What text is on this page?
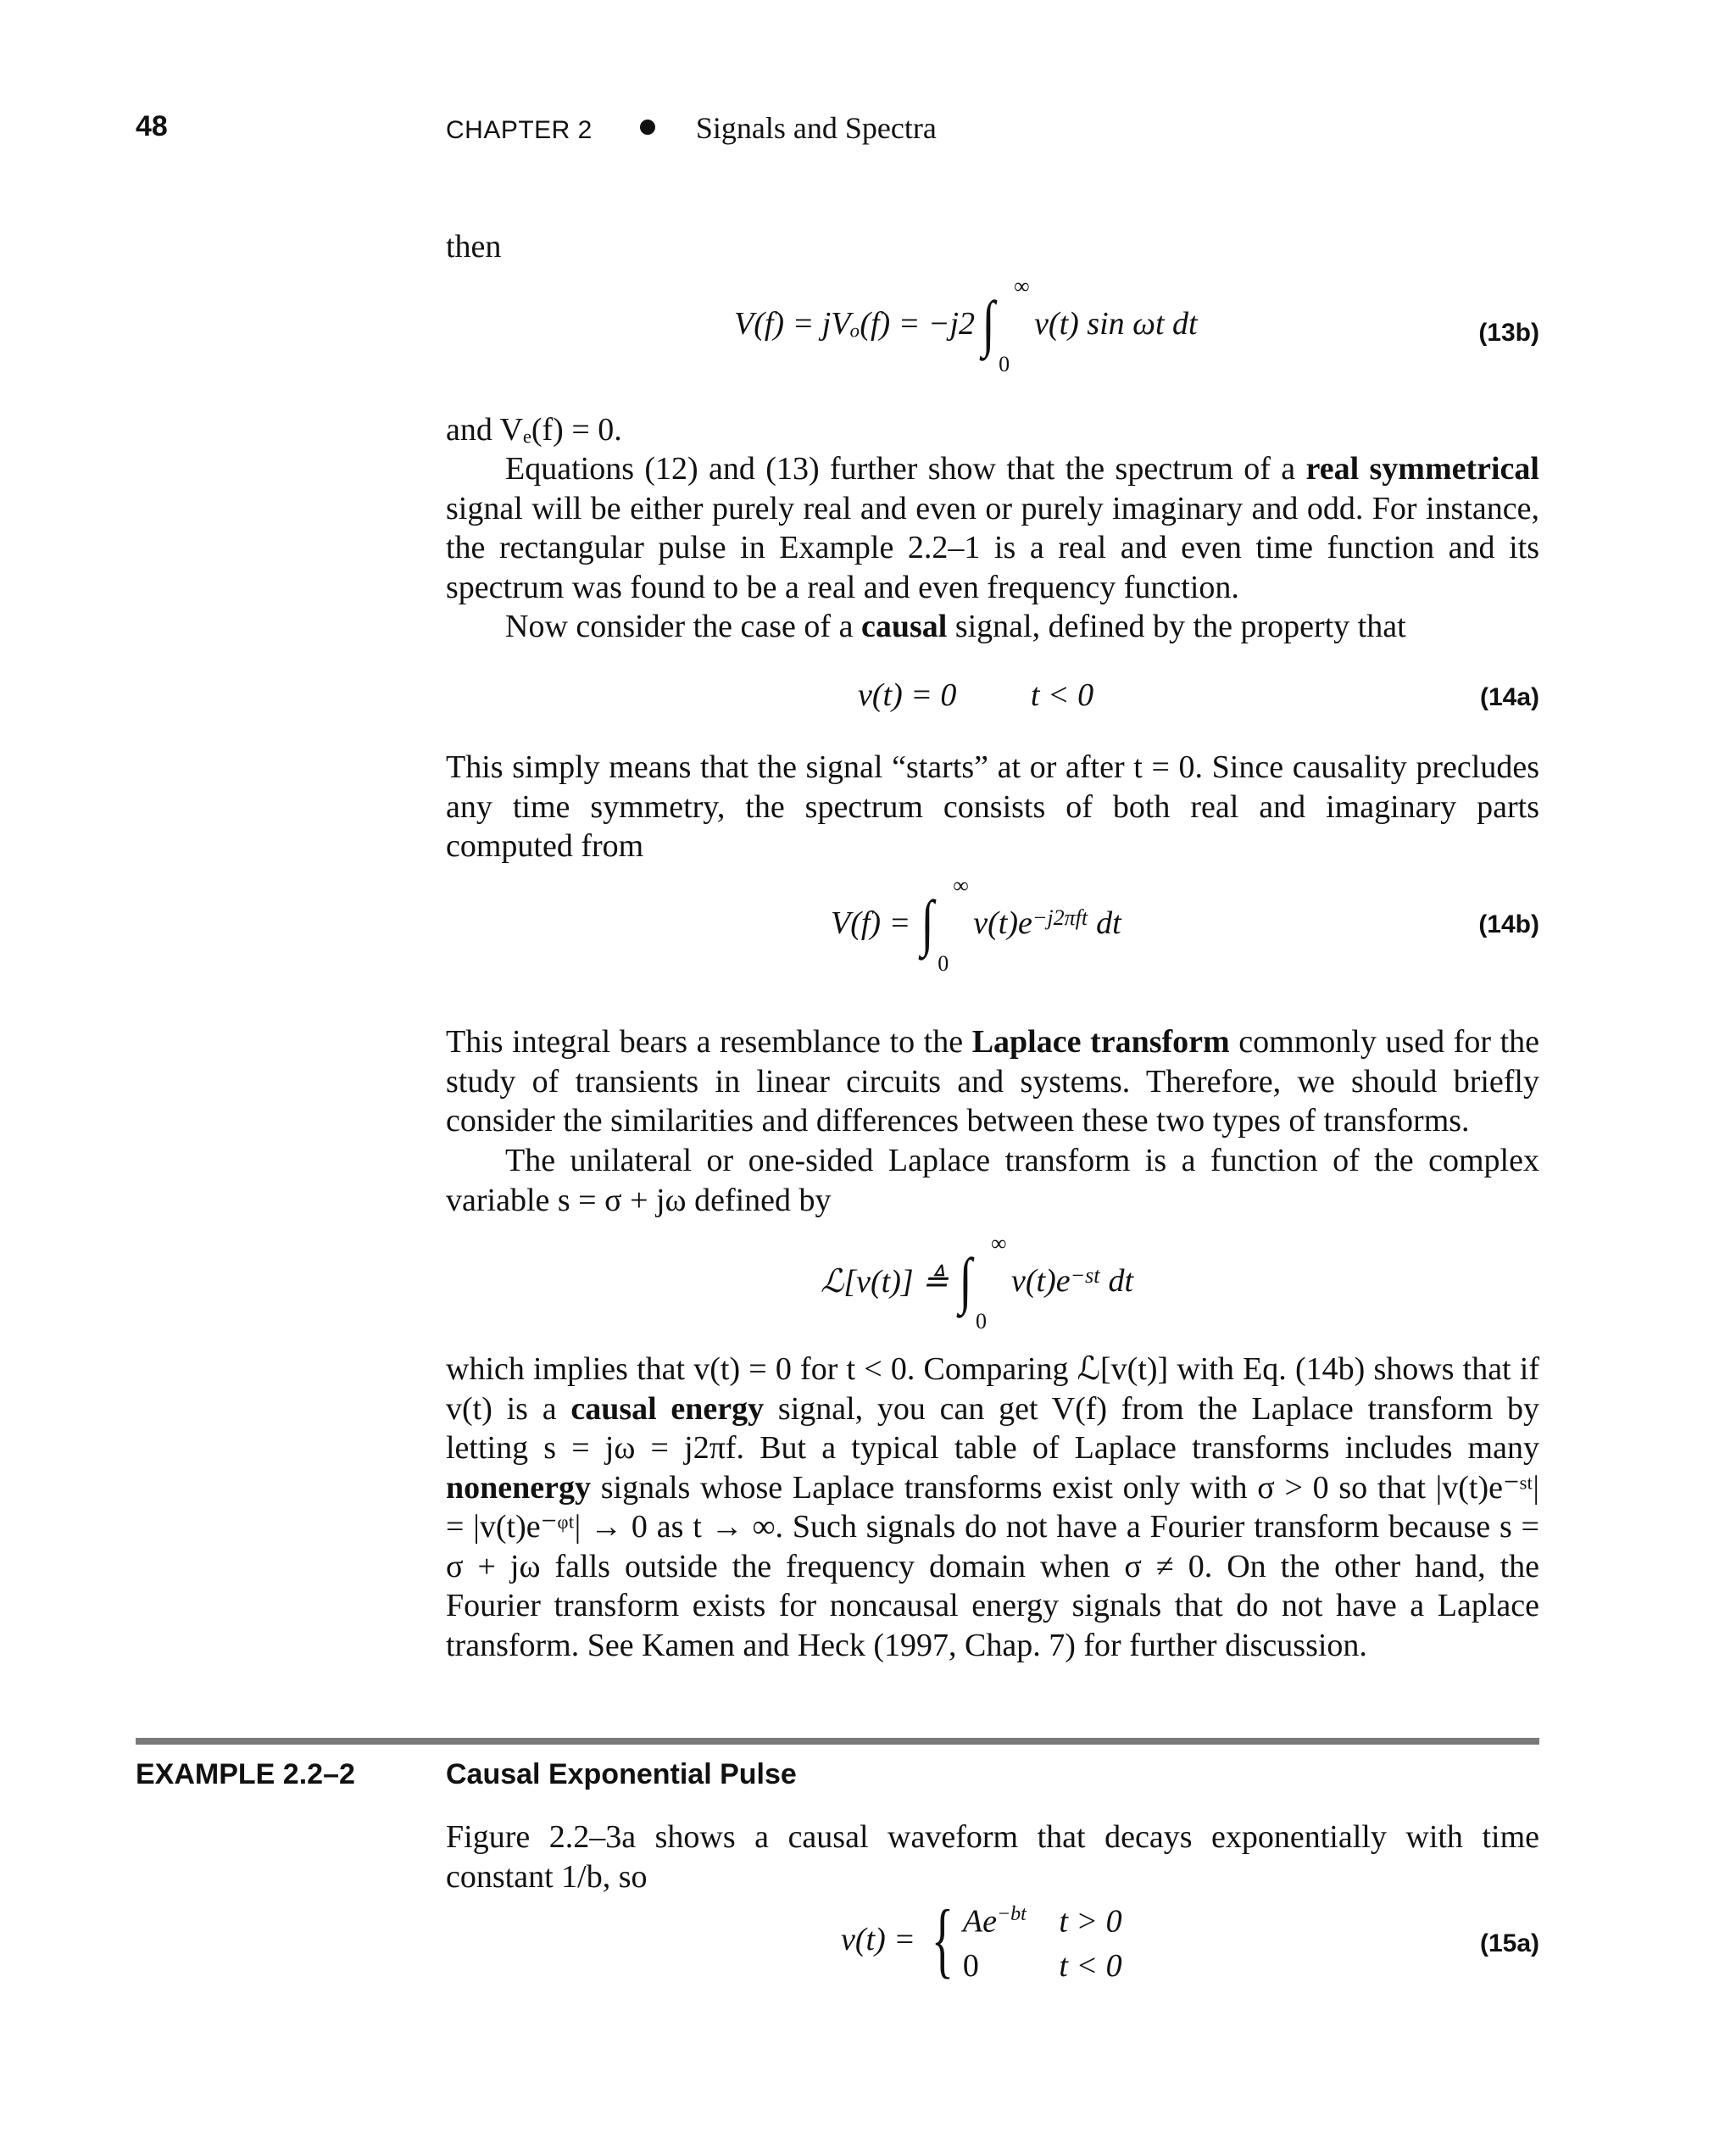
48	CHAPTER 2	Signals and Spectra
then
V(f) = jVₒ(f) = −j2 ∫
∞
0
v(t) sin ωt dt	(13b)
and Vₑ(f) = 0.
Equations (12) and (13) further show that the spectrum of a real symmetrical signal will be either purely real and even or purely imaginary and odd. For instance, the rectangular pulse in Example 2.2–1 is a real and even time function and its spectrum was found to be a real and even frequency function.
Now consider the case of a causal signal, defined by the property that
v(t) = 0 t < 0	(14a)
This simply means that the signal “starts” at or after t = 0. Since causality precludes any time symmetry, the spectrum consists of both real and imaginary parts computed from
V(f) = ∫
∞
0
$v(t)e^{-j2\pi ft}$ dt	(14b)
This integral bears a resemblance to the Laplace transform commonly used for the study of transients in linear circuits and systems. Therefore, we should briefly consider the similarities and differences between these two types of transforms.
The unilateral or one-sided Laplace transform is a function of the complex variable s = σ + jω defined by
ℒ[v(t)] ≜ ∫
∞
0
$v(t)e^{-st}$ dt
which implies that v(t) = 0 for t < 0. Comparing ℒ[v(t)] with Eq. (14b) shows that if v(t) is a causal energy signal, you can get V(f) from the Laplace transform by letting s = jω = j2πf. But a typical table of Laplace transforms includes many nonenergy signals whose Laplace transforms exist only with σ > 0 so that |v(t)e⁻ˢᵗ| = |v(t)e⁻ᵠᵗ| → 0 as t → ∞. Such signals do not have a Fourier transform because s = σ + jω falls outside the frequency domain when σ ≠ 0. On the other hand, the Fourier transform exists for noncausal energy signals that do not have a Laplace transform. See Kamen and Heck (1997, Chap. 7) for further discussion.
EXAMPLE 2.2–2	Causal Exponential Pulse
Figure 2.2–3a shows a causal waveform that decays exponentially with time constant 1/b, so
v(t) = { $Ae^{-bt}$ t > 0
0 t < 0
(15a)
